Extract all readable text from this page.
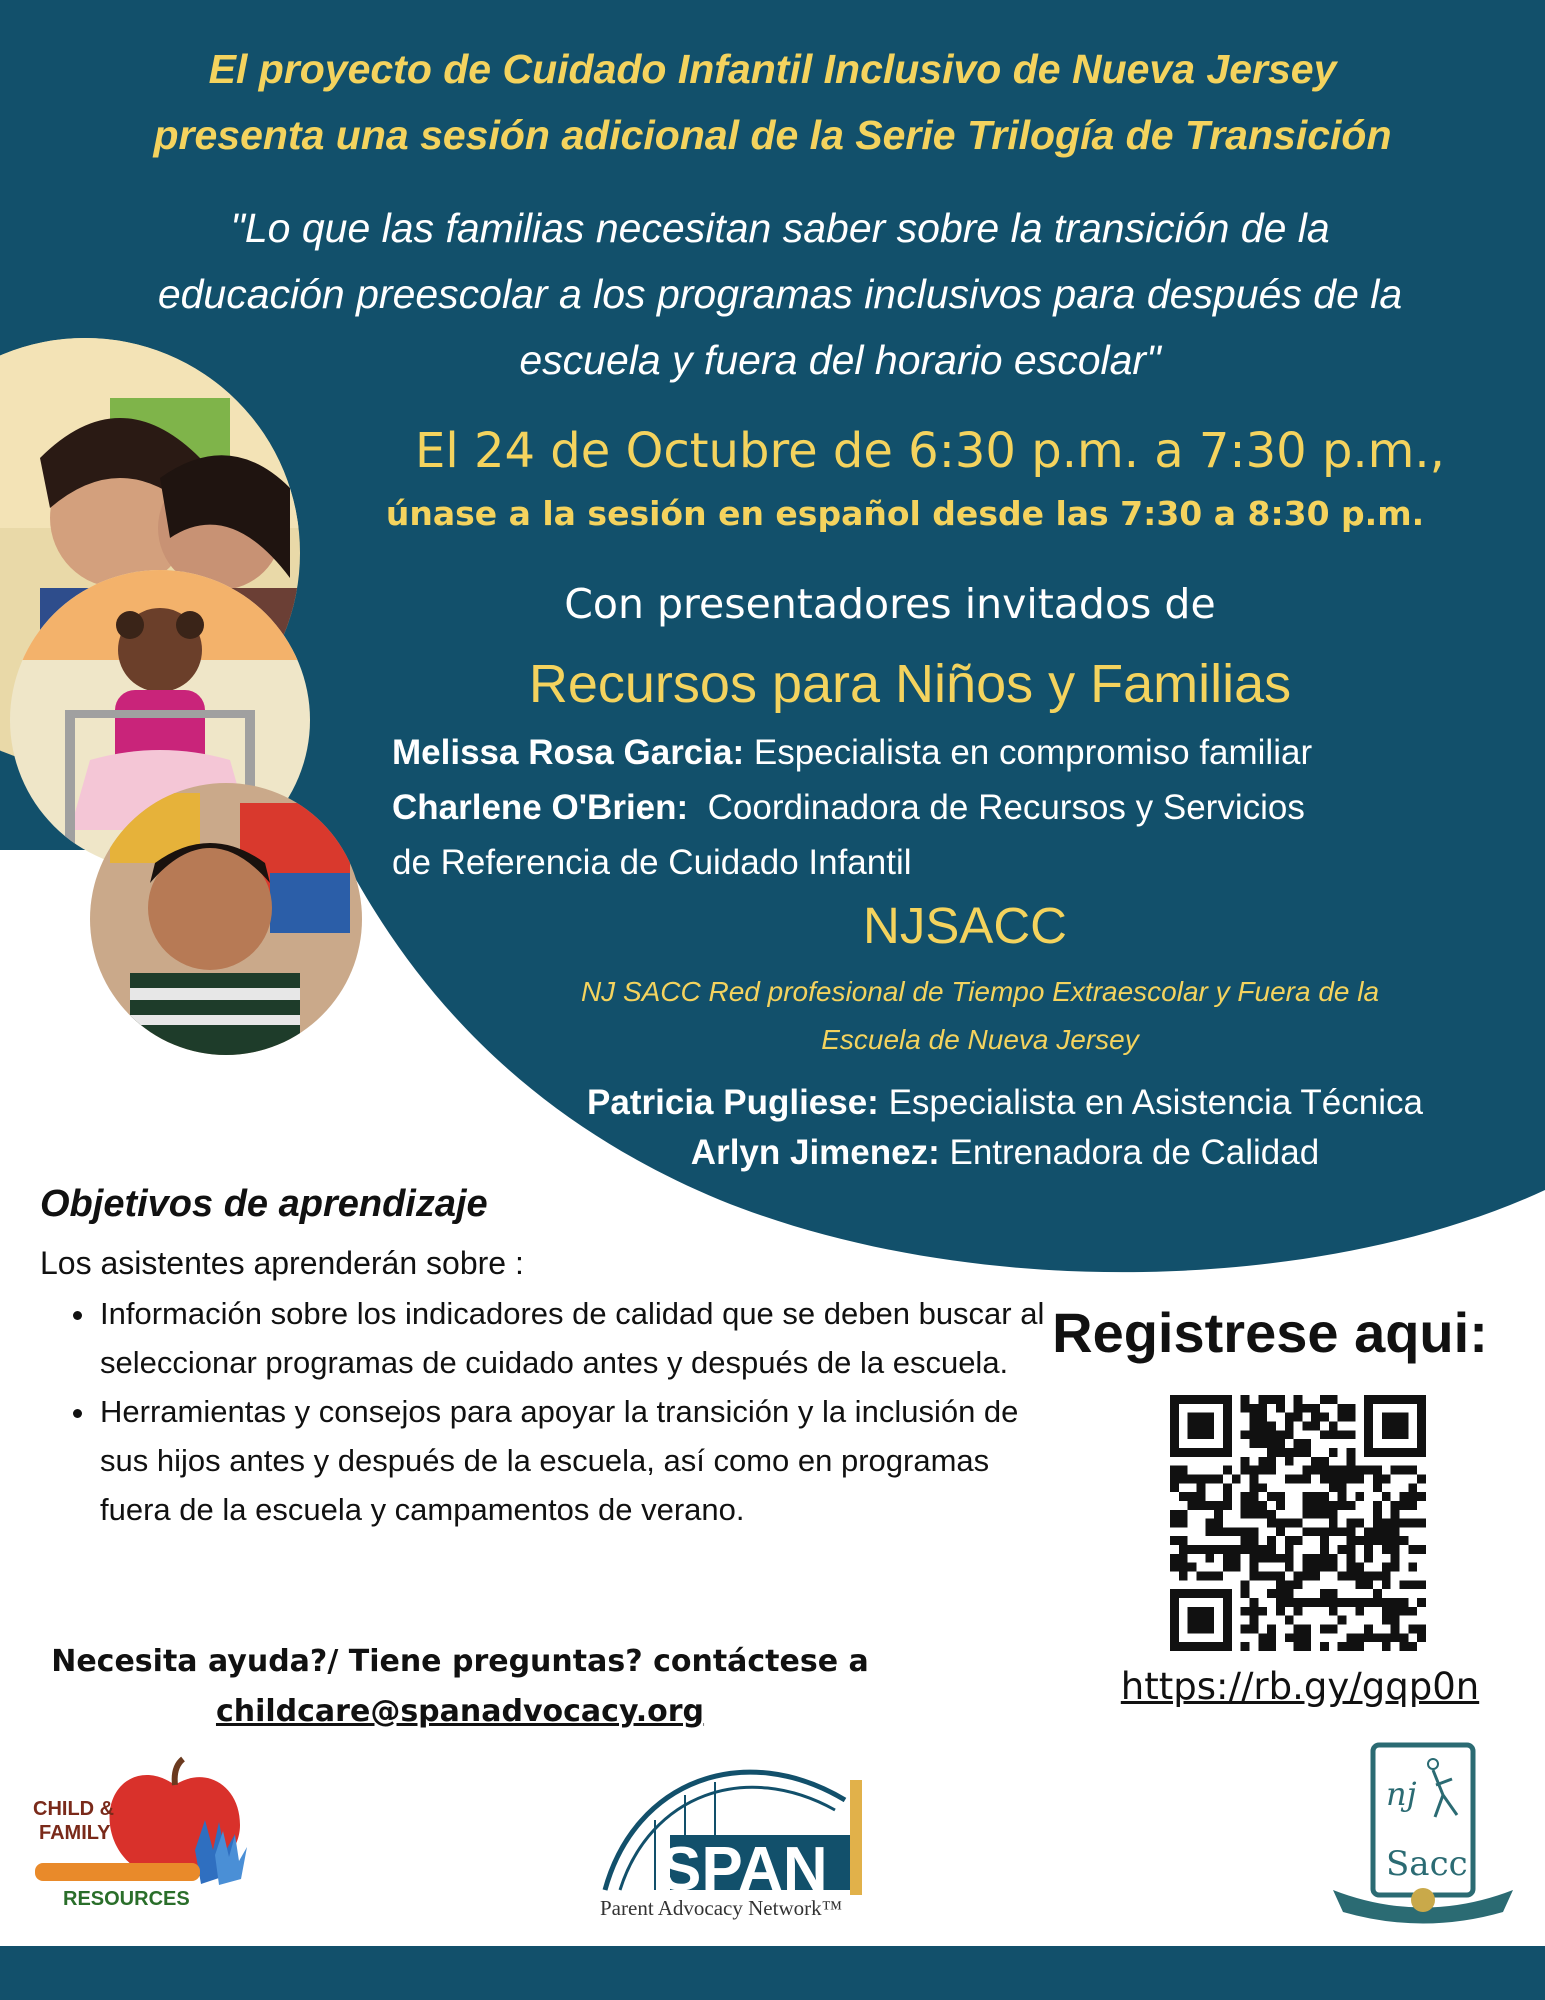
El proyecto de Cuidado Infantil Inclusivo de Nueva Jersey
presenta una sesión adicional de la Serie Trilogía de Transición
"Lo que las familias necesitan saber sobre la transición de la
educación preescolar a los programas inclusivos para después de la
escuela y fuera del horario escolar"
El 24 de Octubre de 6:30 p.m. a 7:30 p.m.,
únase a la sesión en español desde las 7:30 a 8:30 p.m.
Con presentadores invitados de
Recursos para Niños y Familias
Melissa Rosa Garcia: Especialista en compromiso familiar
Charlene O'Brien:  Coordinadora de Recursos y Servicios
de Referencia de Cuidado Infantil
NJSACC
NJ SACC Red profesional de Tiempo Extraescolar y Fuera de la
Escuela de Nueva Jersey
Patricia Pugliese: Especialista en Asistencia Técnica
Arlyn Jimenez: Entrenadora de Calidad
Objetivos de aprendizaje
Los asistentes aprenderán sobre :
• Información sobre los indicadores de calidad que se deben buscar al seleccionar programas de cuidado antes y después de la escuela.
• Herramientas y consejos para apoyar la transición y la inclusión de sus hijos antes y después de la escuela, así como en programas fuera de la escuela y campamentos de verano.
Necesita ayuda?/ Tiene preguntas? contáctese a
childcare@spanadvocacy.org
Registrese aqui:
https://rb.gy/gqp0n
CHILD &
FAMILY
RESOURCES	SPAN
Parent Advocacy Network™
nj
Sacc
